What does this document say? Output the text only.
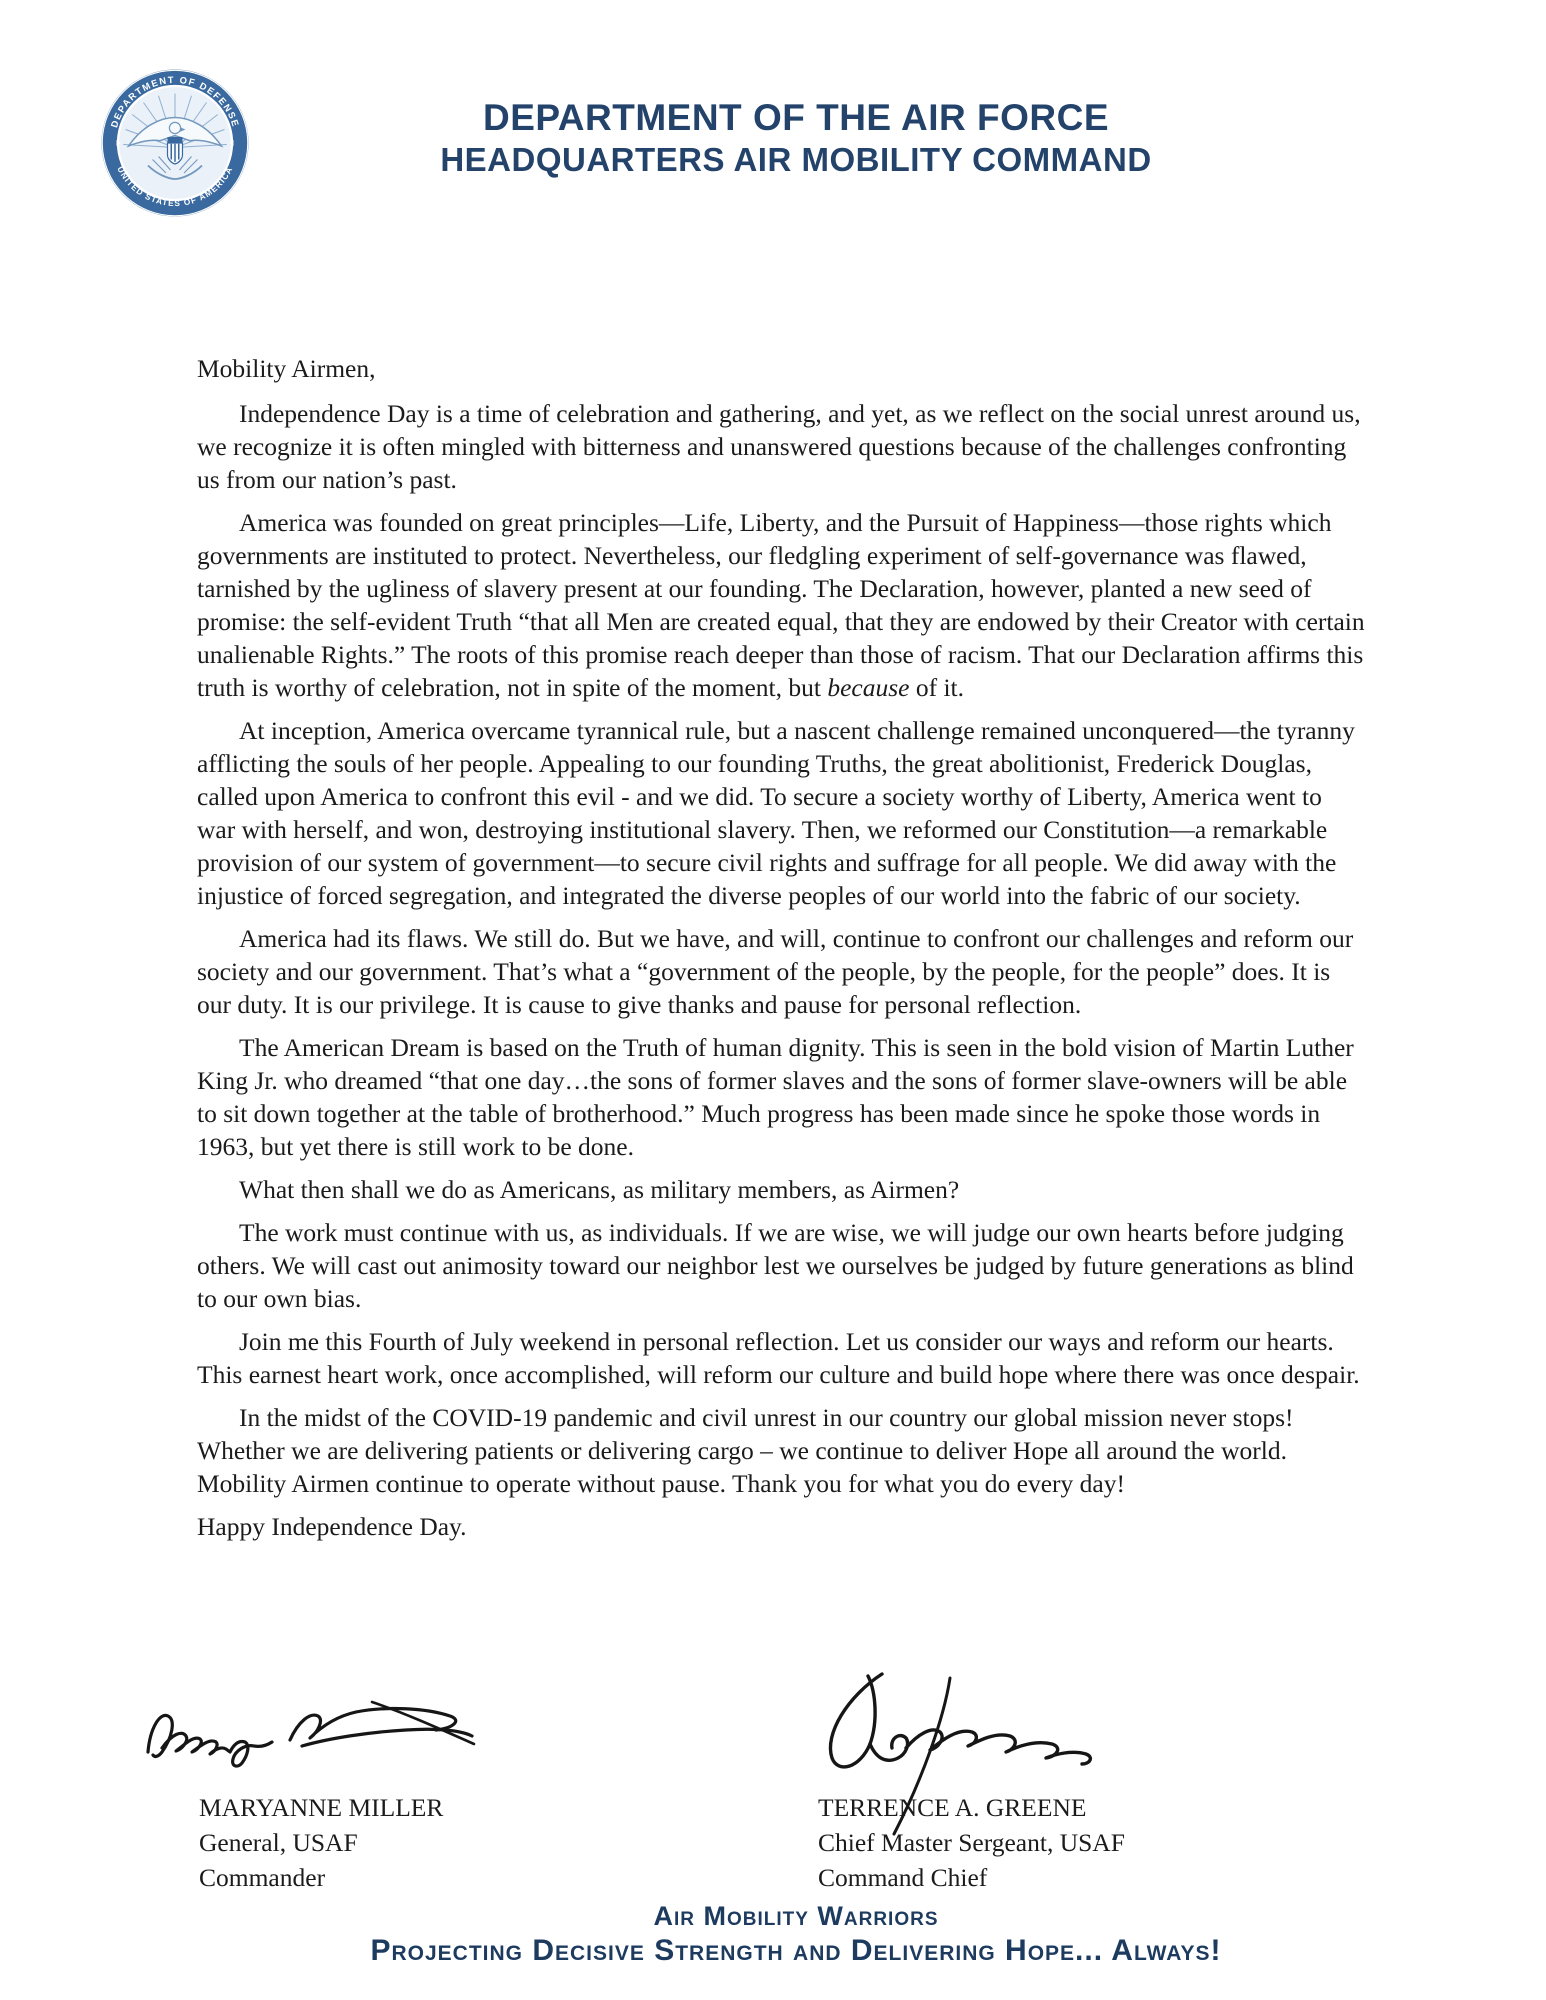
DEPARTMENT OF DEFENSE
UNITED STATES OF AMERICA
DEPARTMENT OF THE AIR FORCE
HEADQUARTERS AIR MOBILITY COMMAND

Mobility Airmen,

Independence Day is a time of celebration and gathering, and yet, as we reflect on the social unrest around us, we recognize it is often mingled with bitterness and unanswered questions because of the challenges confronting us from our nation’s past.

America was founded on great principles—Life, Liberty, and the Pursuit of Happiness—those rights which governments are instituted to protect. Nevertheless, our fledgling experiment of self-governance was flawed, tarnished by the ugliness of slavery present at our founding. The Declaration, however, planted a new seed of promise: the self-evident Truth “that all Men are created equal, that they are endowed by their Creator with certain unalienable Rights.” The roots of this promise reach deeper than those of racism. That our Declaration affirms this truth is worthy of celebration, not in spite of the moment, but because of it.

At inception, America overcame tyrannical rule, but a nascent challenge remained unconquered—the tyranny afflicting the souls of her people. Appealing to our founding Truths, the great abolitionist, Frederick Douglas, called upon America to confront this evil - and we did. To secure a society worthy of Liberty, America went to war with herself, and won, destroying institutional slavery. Then, we reformed our Constitution—a remarkable provision of our system of government—to secure civil rights and suffrage for all people. We did away with the injustice of forced segregation, and integrated the diverse peoples of our world into the fabric of our society.

America had its flaws. We still do. But we have, and will, continue to confront our challenges and reform our society and our government. That’s what a “government of the people, by the people, for the people” does. It is our duty. It is our privilege. It is cause to give thanks and pause for personal reflection.

The American Dream is based on the Truth of human dignity. This is seen in the bold vision of Martin Luther King Jr. who dreamed “that one day…the sons of former slaves and the sons of former slave-owners will be able to sit down together at the table of brotherhood.” Much progress has been made since he spoke those words in 1963, but yet there is still work to be done.

What then shall we do as Americans, as military members, as Airmen?

The work must continue with us, as individuals. If we are wise, we will judge our own hearts before judging others. We will cast out animosity toward our neighbor lest we ourselves be judged by future generations as blind to our own bias.

Join me this Fourth of July weekend in personal reflection. Let us consider our ways and reform our hearts. This earnest heart work, once accomplished, will reform our culture and build hope where there was once despair.

In the midst of the COVID-19 pandemic and civil unrest in our country our global mission never stops! Whether we are delivering patients or delivering cargo – we continue to deliver Hope all around the world. Mobility Airmen continue to operate without pause. Thank you for what you do every day!

Happy Independence Day.

MARYANNE MILLER
General, USAF
Commander
TERRENCE A. GREENE
Chief Master Sergeant, USAF
Command Chief
Air Mobility Warriors
Projecting Decisive Strength and Delivering Hope... Always!
